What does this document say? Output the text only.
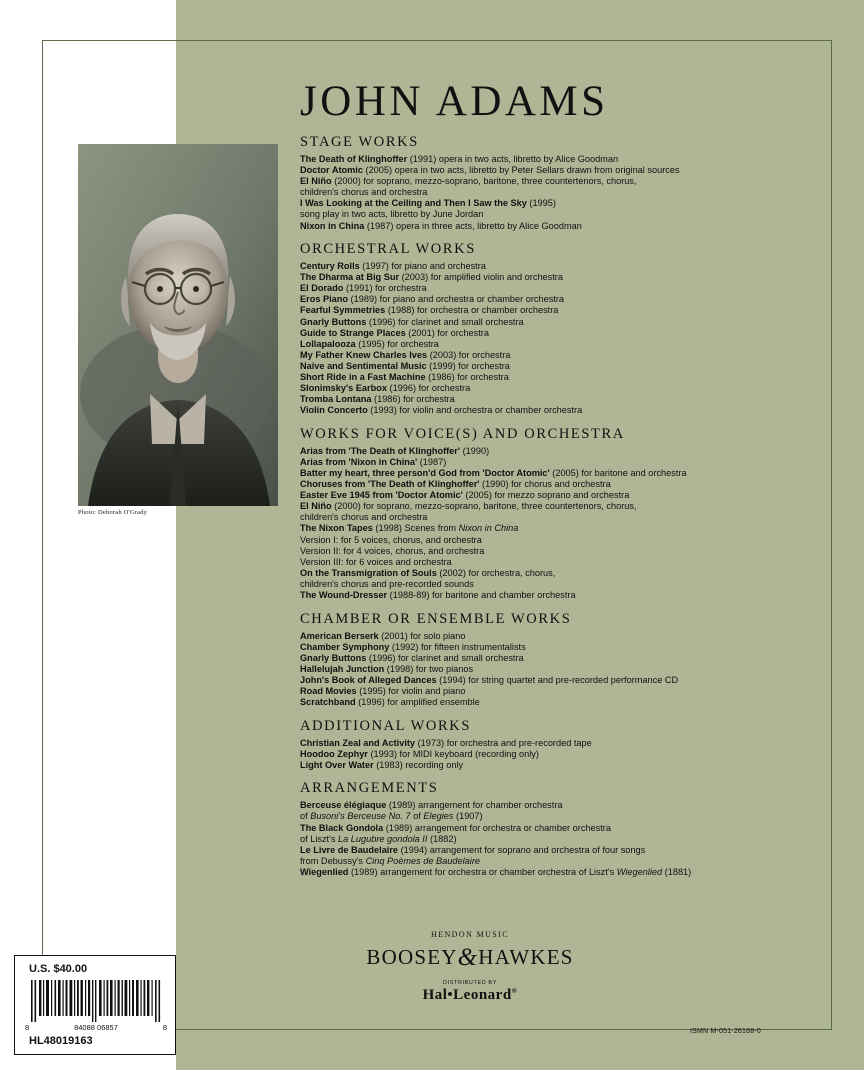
Photo: Deborah O'Grady
JOHN ADAMS
STAGE WORKS
The Death of Klinghoffer (1991) opera in two acts, libretto by Alice Goodman
Doctor Atomic (2005) opera in two acts, libretto by Peter Sellars drawn from original sources
El Niño (2000) for soprano, mezzo-soprano, baritone, three countertenors, chorus,
children's chorus and orchestra
I Was Looking at the Ceiling and Then I Saw the Sky (1995)
song play in two acts, libretto by June Jordan
Nixon in China (1987) opera in three acts, libretto by Alice Goodman
ORCHESTRAL WORKS
Century Rolls (1997) for piano and orchestra
The Dharma at Big Sur (2003) for amplified violin and orchestra
El Dorado (1991) for orchestra
Eros Piano (1989) for piano and orchestra or chamber orchestra
Fearful Symmetries (1988) for orchestra or chamber orchestra
Gnarly Buttons (1996) for clarinet and small orchestra
Guide to Strange Places (2001) for orchestra
Lollapalooza (1995) for orchestra
My Father Knew Charles Ives (2003) for orchestra
Naive and Sentimental Music (1999) for orchestra
Short Ride in a Fast Machine (1986) for orchestra
Slonimsky's Earbox (1996) for orchestra
Tromba Lontana (1986) for orchestra
Violin Concerto (1993) for violin and orchestra or chamber orchestra
WORKS FOR VOICE(S) AND ORCHESTRA
Arias from 'The Death of Klinghoffer' (1990)
Arias from 'Nixon in China' (1987)
Batter my heart, three person'd God from 'Doctor Atomic' (2005) for baritone and orchestra
Choruses from 'The Death of Klinghoffer' (1990) for chorus and orchestra
Easter Eve 1945 from 'Doctor Atomic' (2005) for mezzo soprano and orchestra
El Niño (2000) for soprano, mezzo-soprano, baritone, three countertenors, chorus,
children's chorus and orchestra
The Nixon Tapes (1998) Scenes from Nixon in China
Version I: for 5 voices, chorus, and orchestra
Version II: for 4 voices, chorus, and orchestra
Version III: for 6 voices and orchestra
On the Transmigration of Souls (2002) for orchestra, chorus,
children's chorus and pre-recorded sounds
The Wound-Dresser (1988-89) for baritone and chamber orchestra
CHAMBER OR ENSEMBLE WORKS
American Berserk (2001) for solo piano
Chamber Symphony (1992) for fifteen instrumentalists
Gnarly Buttons (1996) for clarinet and small orchestra
Hallelujah Junction (1998) for two pianos
John's Book of Alleged Dances (1994) for string quartet and pre-recorded performance CD
Road Movies (1995) for violin and piano
Scratchband (1996) for amplified ensemble
ADDITIONAL WORKS
Christian Zeal and Activity (1973) for orchestra and pre-recorded tape
Hoodoo Zephyr (1993) for MIDI keyboard (recording only)
Light Over Water (1983) recording only
ARRANGEMENTS
Berceuse élégiaque (1989) arrangement for chamber orchestra
of Busoni's Berceuse No. 7 of Elegies (1907)
The Black Gondola (1989) arrangement for orchestra or chamber orchestra
of Liszt's La Lugubre gondola II (1882)
Le Livre de Baudelaire (1994) arrangement for soprano and orchestra of four songs
from Debussy's Cinq Poèmes de Baudelaire
Wiegenlied (1989) arrangement for orchestra or chamber orchestra of Liszt's Wiegenlied (1881)
HENDON MUSIC
BOOSEY&HAWKES
DISTRIBUTED BY
Hal•Leonard®
ISMN M-051-26168-0
U.S. $40.00
8	84088 06857	8
HL48019163
